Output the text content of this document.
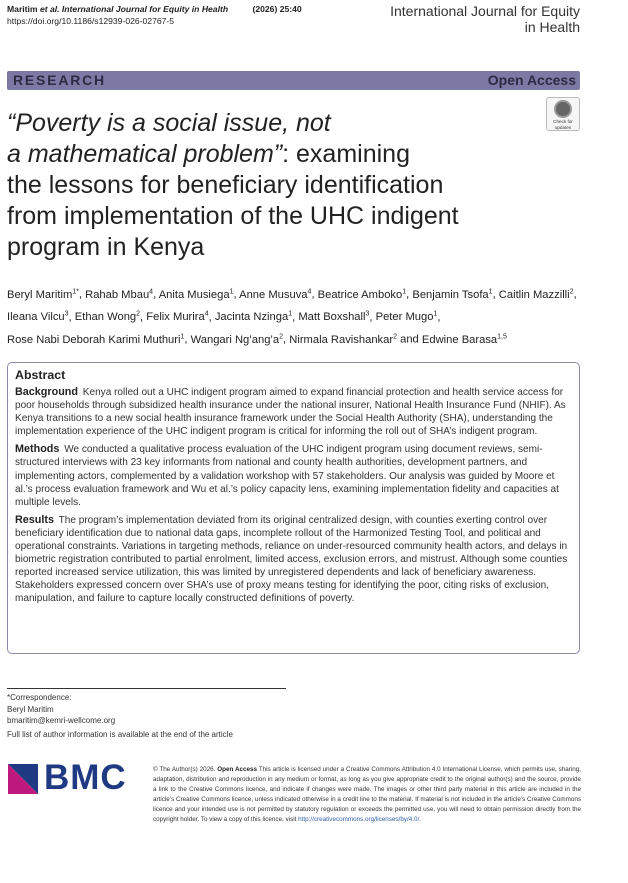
Maritim et al. International Journal for Equity in Health	(2026) 25:40
https://doi.org/10.1186/s12939-026-02767-5
International Journal for Equity
in Health
RESEARCH	Open Access
Check for
updates
“Poverty is a social issue, not
a mathematical problem”: examining
the lessons for beneficiary identification
from implementation of the UHC indigent
program in Kenya
Beryl Maritim$^{1*}$, Rahab Mbau$^4$, Anita Musiega$^1$, Anne Musuva$^4$, Beatrice Amboko$^1$, Benjamin Tsofa$^1$, Caitlin Mazzilli$^2$,
Ileana Vilcu$^3$, Ethan Wong$^2$, Felix Murira$^4$, Jacinta Nzinga$^1$, Matt Boxshall$^3$, Peter Mugo$^1$,
Rose Nabi Deborah Karimi Muthuri$^1$, Wangari $Ng’ang’a^2$, Nirmala Ravishankar$^2$ and Edwine Barasa$^{1,5}$
Abstract

Background Kenya rolled out a UHC indigent program aimed to expand financial protection and health service access for poor households through subsidized health insurance under the national insurer, National Health Insurance Fund (NHIF). As Kenya transitions to a new social health insurance framework under the Social Health Authority (SHA), understanding the implementation experience of the UHC indigent program is critical for informing the roll out of SHA’s indigent program.

Methods We conducted a qualitative process evaluation of the UHC indigent program using document reviews, semi-structured interviews with 23 key informants from national and county health authorities, development partners, and implementing actors, complemented by a validation workshop with 57 stakeholders. Our analysis was guided by Moore et al.’s process evaluation framework and Wu et al.’s policy capacity lens, examining implementation fidelity and capacities at multiple levels.

Results The program’s implementation deviated from its original centralized design, with counties exerting control over beneficiary identification due to national data gaps, incomplete rollout of the Harmonized Testing Tool, and political and operational constraints. Variations in targeting methods, reliance on under-resourced community health actors, and delays in biometric registration contributed to partial enrolment, limited access, exclusion errors, and mistrust. Although some counties reported increased service utilization, this was limited by unregistered dependents and lack of beneficiary awareness. Stakeholders expressed concern over SHA’s use of proxy means testing for identifying the poor, citing risks of exclusion, manipulation, and failure to capture locally constructed definitions of poverty.

*Correspondence:
Beryl Maritim
bmaritim@kemri-wellcome.org
Full list of author information is available at the end of the article
BMC	© The Author(s) 2026. Open Access This article is licensed under a Creative Commons Attribution 4.0 International License, which permits use, sharing, adaptation, distribution and reproduction in any medium or format, as long as you give appropriate credit to the original author(s) and the source, provide a link to the Creative Commons licence, and indicate if changes were made. The images or other third party material in this article are included in the article’s Creative Commons licence, unless indicated otherwise in a credit line to the material. If material is not included in the article’s Creative Commons licence and your intended use is not permitted by statutory regulation or exceeds the permitted use, you will need to obtain permission directly from the copyright holder. To view a copy of this licence, visit http://creativecommons.org/licenses/by/4.0/.
